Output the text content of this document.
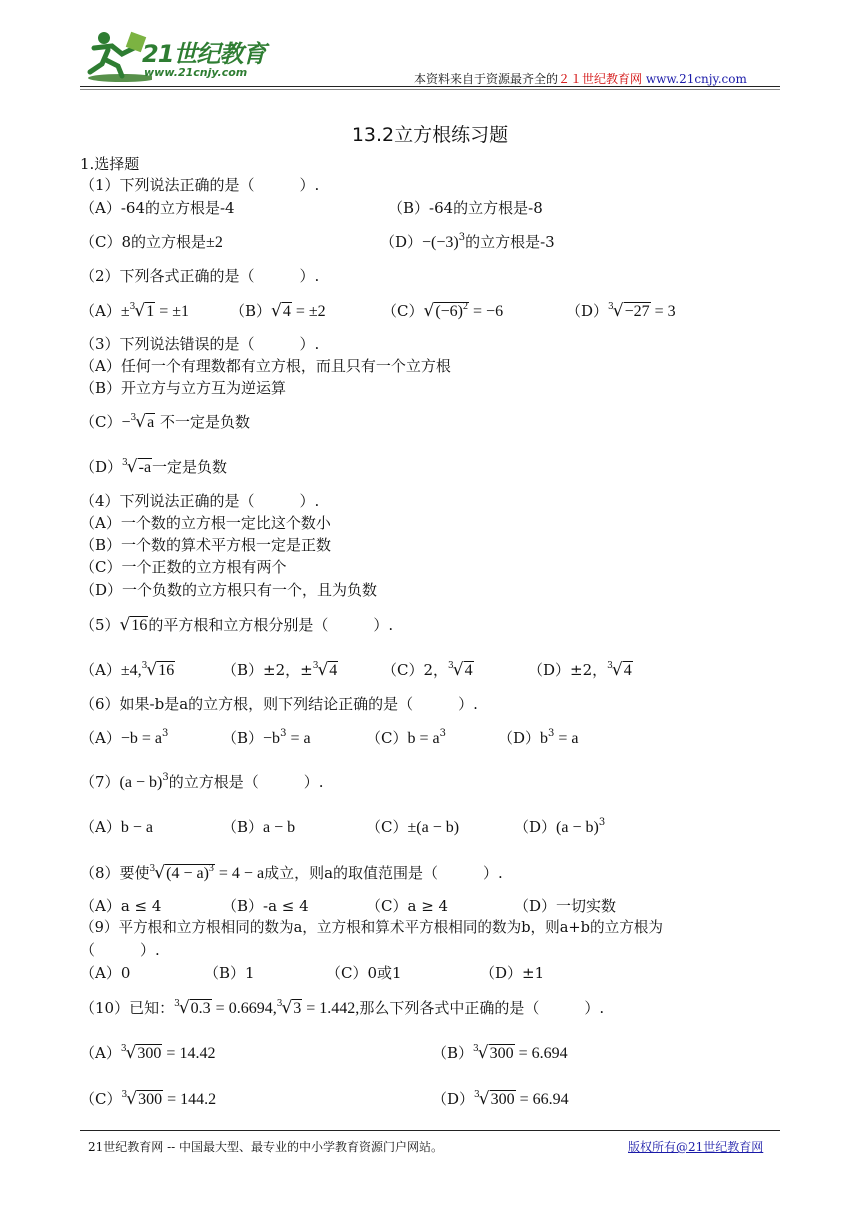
21世纪教育
www.21cnjy.com	本资料来自于资源最齐全的２１世纪教育网 www.21cnjy.com
13.2立方根练习题
1.选择题
（1）下列说法正确的是（　　　）.
（A）-64的立方根是-4	（B）-64的立方根是-8
（C）8的立方根是±2	$(D)-(-3)^3$的立方根是-3
（2）下列各式正确的是（　　　）.
（A）±$^3$√1 = ±1	（B）√4 = ±2	$(C)√(-6)^2 = -6$	$(D)^3√-27 = 3$
（3）下列说法错误的是（　　　）.
（A）任何一个有理数都有立方根，而且只有一个立方根
（B）开立方与立方互为逆运算
（C）−$^3$√a 不一定是负数
$(D)^3√-a$一定是负数
（4）下列说法正确的是（　　　）.
（A）一个数的立方根一定比这个数小
（B）一个数的算术平方根一定是正数
（C）一个正数的立方根有两个
（D）一个负数的立方根只有一个，且为负数
（5）√16的平方根和立方根分别是（　　　）.
（A）±4,$^3$√16	（B）±2，±$^3$√4	（C）2，$^3$√4	（D）±2，$^3$√4
（6）如果-b是a的立方根，则下列结论正确的是（　　　）.
$(A)-b = a^3$	$(B)-b^3 = a$	$(C)b = a^3$	$(D)b^3 = a$
$(7)(a - b)^3$的立方根是（　　　）.
（A）b − a	（B）a − b	（C）±(a − b)	$(D)(a - b)^3$
（8）要使$^3√(4 - a)^3 = 4 - a$成立，则a的取值范围是（　　　）.
（A）a ≤ 4	（B）-a ≤ 4	（C）a ≥ 4	（D）一切实数
（9）平方根和立方根相同的数为a，立方根和算术平方根相同的数为b，则a+b的立方根为
（　　　）.
（A）0	（B）1	（C）0或1	（D）±1
（10）已知：$^3$√0.3 = 0.6694,$^3$√3 = 1.442,那么下列各式中正确的是（　　　）.
$(A)^3√300 = 14.42$	$(B)^3√300 = 6.694$
$(C)^3√300 = 144.2$	$(D)^3√300 = 66.94$
21世纪教育网 -- 中国最大型、最专业的中小学教育资源门户网站。	版权所有@21世纪教育网
